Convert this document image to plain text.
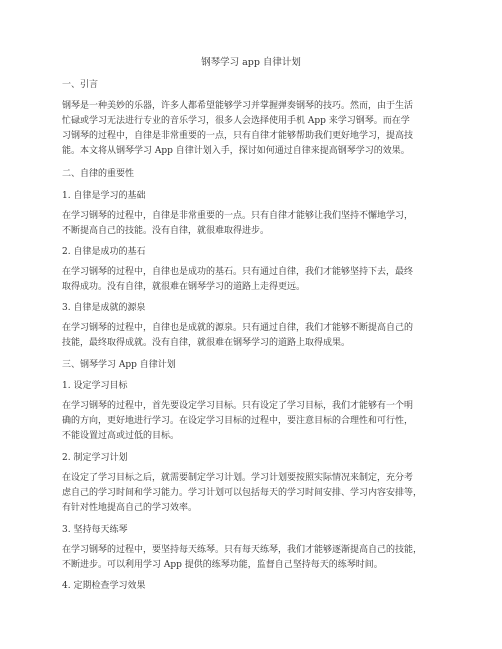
钢琴学习 app 自律计划
一、引言
钢琴是一种美妙的乐器，许多人都希望能够学习并掌握弹奏钢琴的技巧。然而，由于生活
忙碌或学习无法进行专业的音乐学习，很多人会选择使用手机 App 来学习钢琴。而在学
习钢琴的过程中，自律是非常重要的一点，只有自律才能够帮助我们更好地学习，提高技
能。本文将从钢琴学习 App 自律计划入手，探讨如何通过自律来提高钢琴学习的效果。
二、自律的重要性
1. 自律是学习的基础
在学习钢琴的过程中，自律是非常重要的一点。只有自律才能够让我们坚持不懈地学习，
不断提高自己的技能。没有自律，就很难取得进步。
2. 自律是成功的基石
在学习钢琴的过程中，自律也是成功的基石。只有通过自律，我们才能够坚持下去，最终
取得成功。没有自律，就很难在钢琴学习的道路上走得更远。
3. 自律是成就的源泉
在学习钢琴的过程中，自律也是成就的源泉。只有通过自律，我们才能够不断提高自己的
技能，最终取得成就。没有自律，就很难在钢琴学习的道路上取得成果。
三、钢琴学习 App 自律计划
1. 设定学习目标
在学习钢琴的过程中，首先要设定学习目标。只有设定了学习目标，我们才能够有一个明
确的方向，更好地进行学习。在设定学习目标的过程中，要注意目标的合理性和可行性，
不能设置过高或过低的目标。
2. 制定学习计划
在设定了学习目标之后，就需要制定学习计划。学习计划要按照实际情况来制定，充分考
虑自己的学习时间和学习能力。学习计划可以包括每天的学习时间安排、学习内容安排等，
有针对性地提高自己的学习效率。
3. 坚持每天练琴
在学习钢琴的过程中，要坚持每天练琴。只有每天练琴，我们才能够逐渐提高自己的技能，
不断进步。可以利用学习 App 提供的练琴功能，监督自己坚持每天的练琴时间。
4. 定期检查学习效果
